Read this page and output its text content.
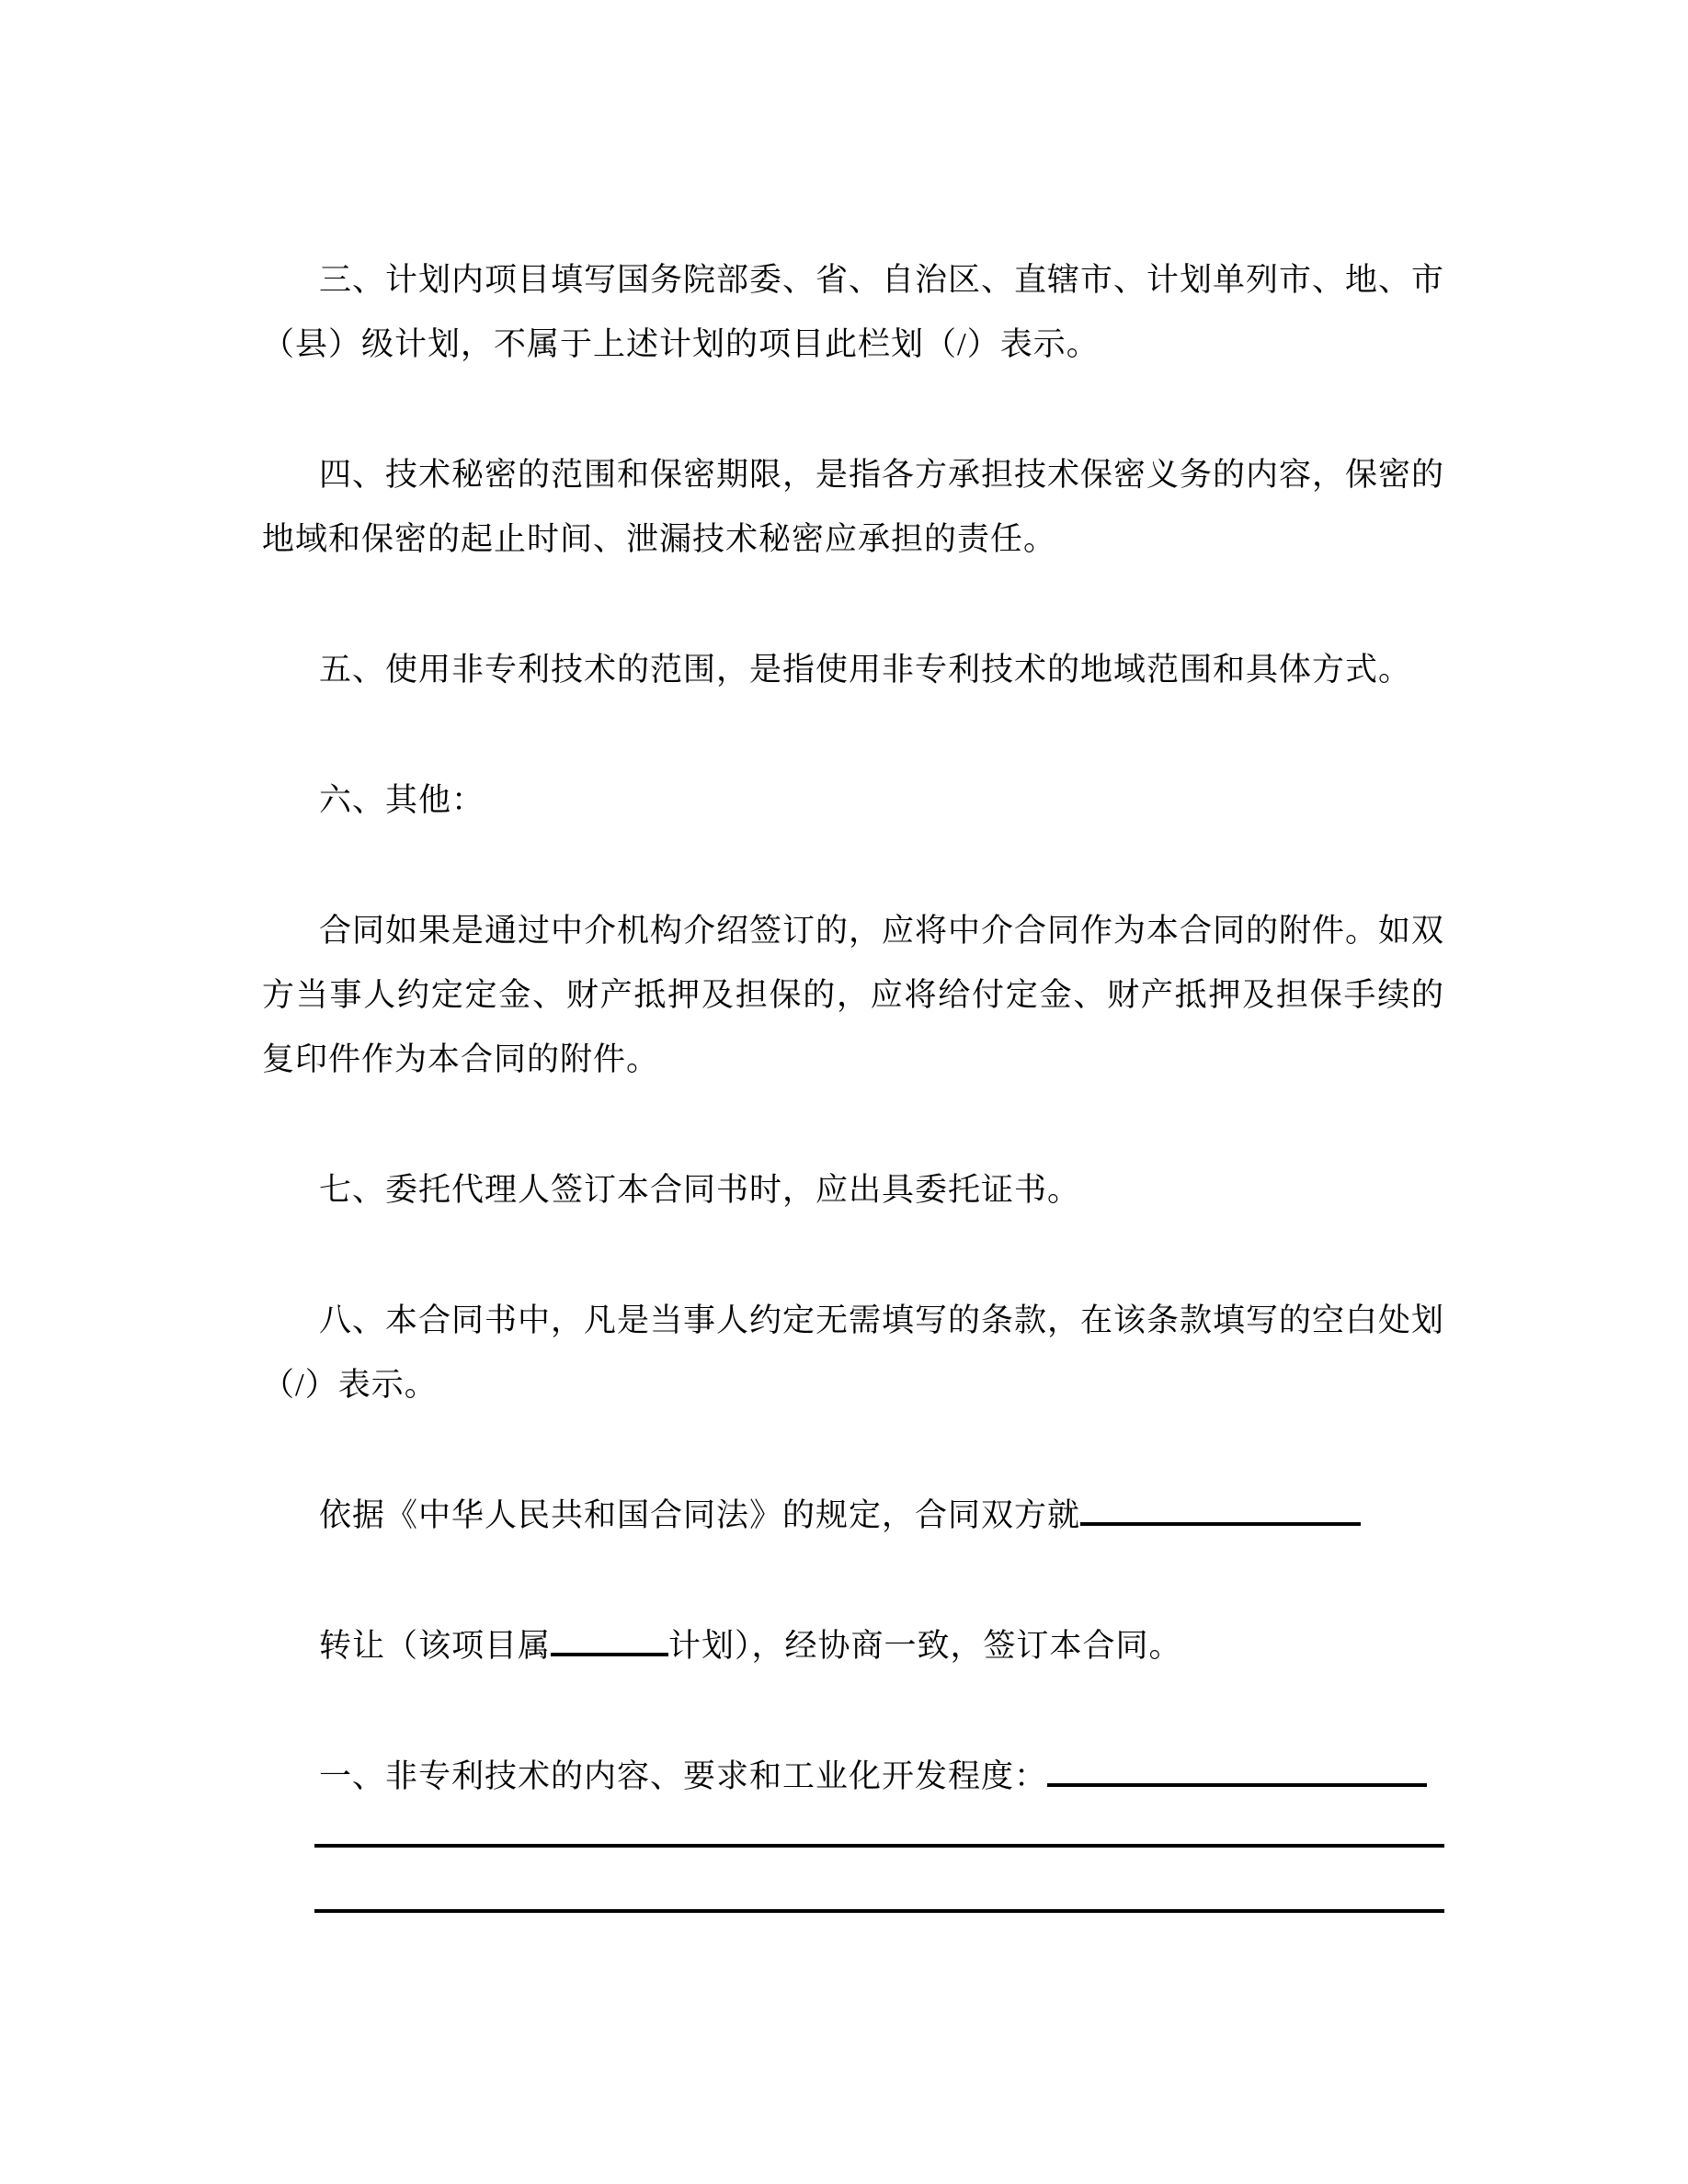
三、计划内项目填写国务院部委、省、自治区、直辖市、计划单列市、地、市（县）级计划，不属于上述计划的项目此栏划（/）表示。

四、技术秘密的范围和保密期限，是指各方承担技术保密义务的内容，保密的地域和保密的起止时间、泄漏技术秘密应承担的责任。

五、使用非专利技术的范围，是指使用非专利技术的地域范围和具体方式。

六、其他：

合同如果是通过中介机构介绍签订的，应将中介合同作为本合同的附件。如双方当事人约定定金、财产抵押及担保的，应将给付定金、财产抵押及担保手续的复印件作为本合同的附件。

七、委托代理人签订本合同书时，应出具委托证书。

八、本合同书中，凡是当事人约定无需填写的条款，在该条款填写的空白处划（/）表示。

依据《中华人民共和国合同法》的规定，合同双方就

转让（该项目属	计划），经协商一致，签订本合同。

一、非专利技术的内容、要求和工业化开发程度：
